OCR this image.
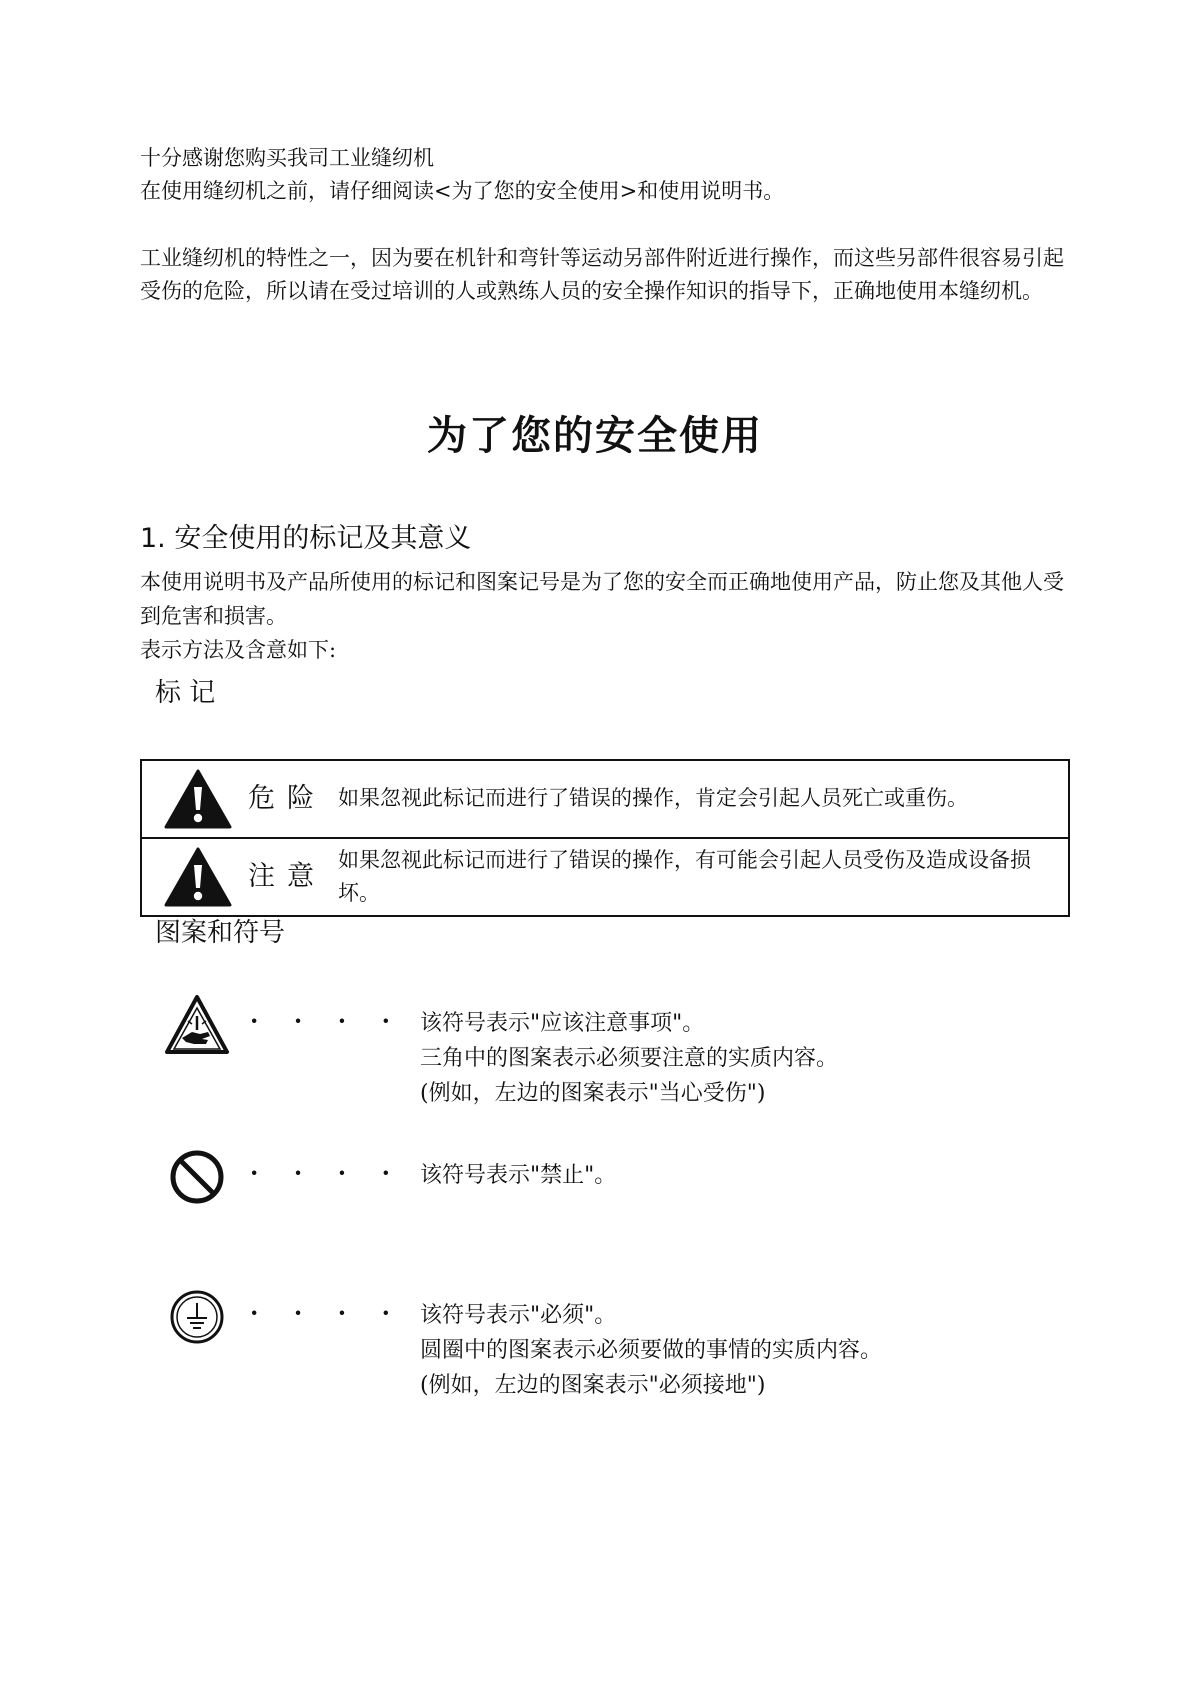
十分感谢您购买我司工业缝纫机

在使用缝纫机之前，请仔细阅读<为了您的安全使用>和使用说明书。

工业缝纫机的特性之一，因为要在机针和弯针等运动另部件附近进行操作，而这些另部件很容易引起受伤的危险，所以请在受过培训的人或熟练人员的安全操作知识的指导下，正确地使用本缝纫机。

为了您的安全使用
1. 安全使用的标记及其意义

本使用说明书及产品所使用的标记和图案记号是为了您的安全而正确地使用产品，防止您及其他人受到危害和损害。

表示方法及含意如下:

标 记
危险 如果忽视此标记而进行了错误的操作，肯定会引起人员死亡或重伤。
注意
如果忽视此标记而进行了错误的操作，有可能会引起人员受伤及造成设备损坏。
图案和符号
· · · · 该符号表示"应该注意事项"。

三角中的图案表示必须要注意的实质内容。

(例如，左边的图案表示"当心受伤")

· · · · 该符号表示"禁止"。

· · · · 该符号表示"必须"。

圆圈中的图案表示必须要做的事情的实质内容。

(例如，左边的图案表示"必须接地")
